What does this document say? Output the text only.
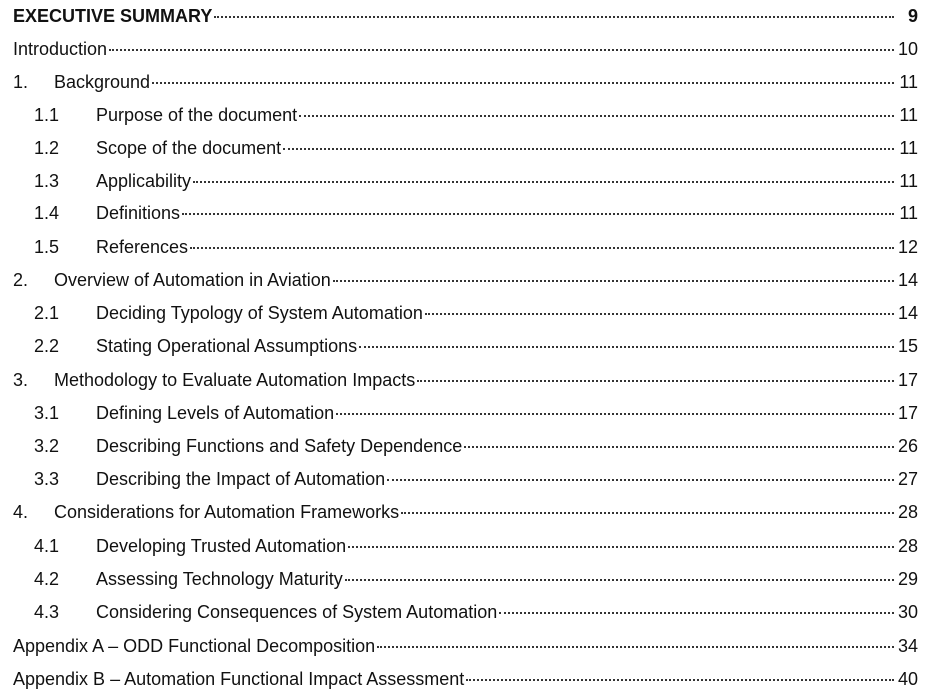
EXECUTIVE SUMMARY	9
Introduction	10
1.	Background	11
1.1	Purpose of the document	11
1.2	Scope of the document	11
1.3	Applicability	11
1.4	Definitions	11
1.5	References	12
2.	Overview of Automation in Aviation	14
2.1	Deciding Typology of System Automation	14
2.2	Stating Operational Assumptions	15
3.	Methodology to Evaluate Automation Impacts	17
3.1	Defining Levels of Automation	17
3.2	Describing Functions and Safety Dependence	26
3.3	Describing the Impact of Automation	27
4.	Considerations for Automation Frameworks	28
4.1	Developing Trusted Automation	28
4.2	Assessing Technology Maturity	29
4.3	Considering Consequences of System Automation	30
Appendix A – ODD Functional Decomposition	34
Appendix B – Automation Functional Impact Assessment	40
